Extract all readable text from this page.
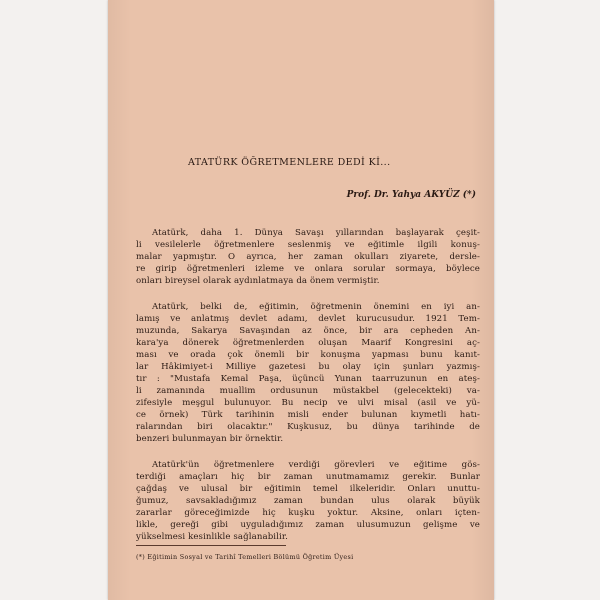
ATATÜRK ÖĞRETMENLERE DEDİ Kİ...
Prof. Dr. Yahya AKYÜZ (*)
Atatürk, daha 1. Dünya Savaşı yıllarından başlayarak çeşit-
li vesilelerle öğretmenlere seslenmiş ve eğitimle ilgili konuş-
malar yapmıştır. O ayrıca, her zaman okulları ziyarete, dersle-
re girip öğretmenleri izleme ve onlara sorular sormaya, böylece
onları bireysel olarak aydınlatmaya da önem vermiştir.
Atatürk, belki de, eğitimin, öğretmenin önemini en iyi an-
lamış ve anlatmış devlet adamı, devlet kurucusudur. 1921 Tem-
muzunda, Sakarya Savaşından az önce, bir ara cepheden An-
kara'ya dönerek öğretmenlerden oluşan Maarif Kongresini aç-
ması ve orada çok önemli bir konuşma yapması bunu kanıt-
lar Hâkimiyet-i Milliye gazetesi bu olay için şunları yazmış-
tır : "Mustafa Kemal Paşa, üçüncü Yunan taarruzunun en ateş-
li zamanında muallim ordusunun müstakbel (gelecekteki) va-
zifesiyle meşgul bulunuyor. Bu necip ve ulvi misal (asil ve yü-
ce örnek) Türk tarihinin misli ender bulunan kıymetli hatı-
ralarından biri olacaktır." Kuşkusuz, bu dünya tarihinde de
benzeri bulunmayan bir örnektir.
Atatürk'ün öğretmenlere verdiği görevleri ve eğitime gös-
terdiği amaçları hiç bir zaman unutmamamız gerekir. Bunlar
çağdaş ve ulusal bir eğitimin temel ilkeleridir. Onları unuttu-
ğumuz, savsakladığımız zaman bundan ulus olarak büyük
zararlar göreceğimizde hiç kuşku yoktur. Aksine, onları içten-
likle, gereği gibi uyguladığımız zaman ulusumuzun gelişme ve
yükselmesi kesinlikle sağlanabilir.
(*) Eğitimin Sosyal ve Tarihî Temelleri Bölümü Öğretim Üyesi
